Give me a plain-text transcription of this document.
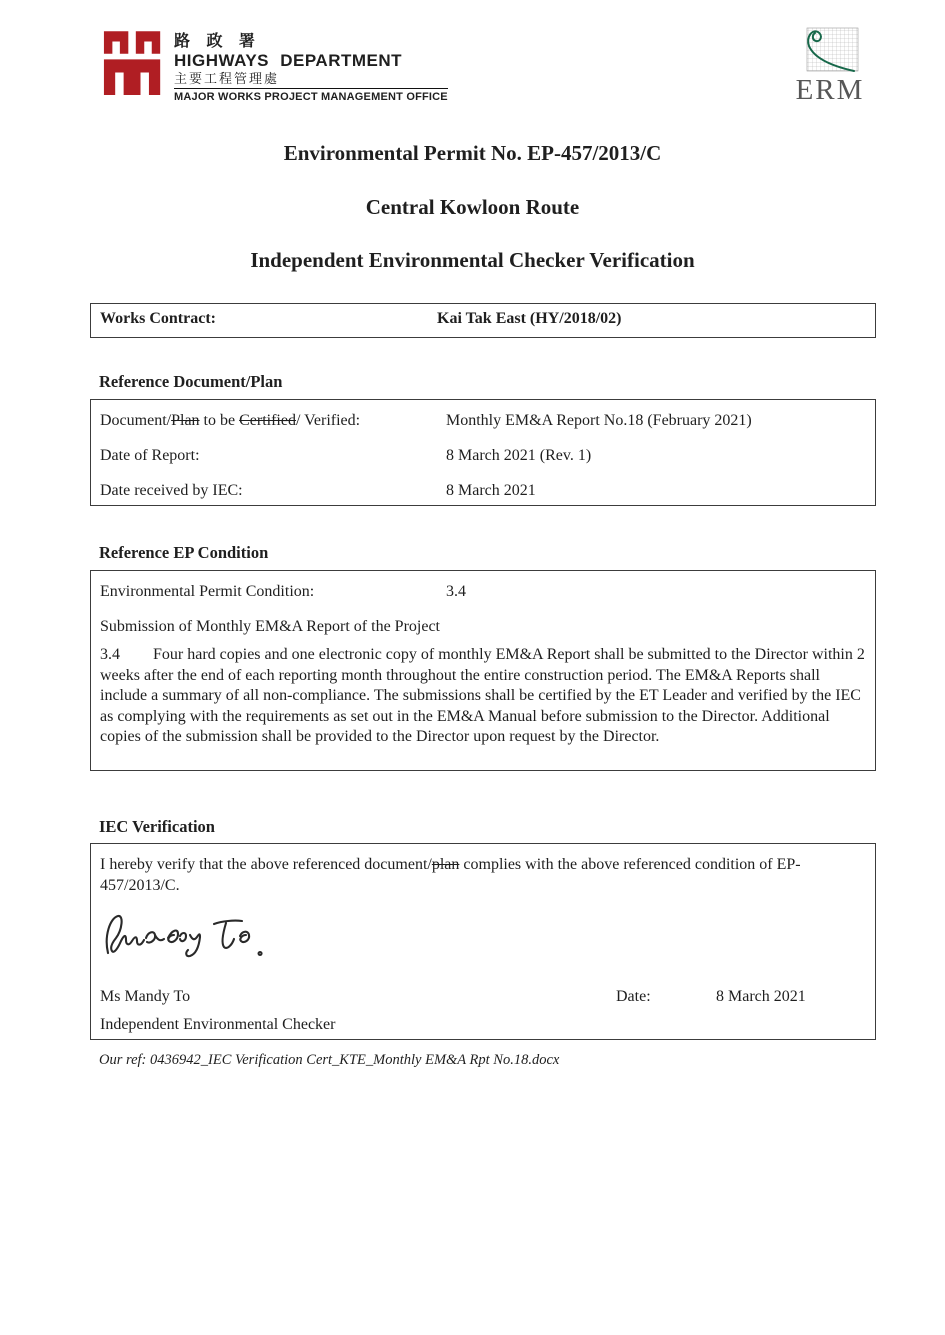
路 政 署
HIGHWAYS DEPARTMENT
主要工程管理處
MAJOR WORKS PROJECT MANAGEMENT OFFICE	ERM
Environmental Permit No. EP-457/2013/C
Central Kowloon Route
Independent Environmental Checker Verification
Works Contract:	Kai Tak East (HY/2018/02)
Reference Document/Plan
Document/Plan to be Certified/ Verified:	Monthly EM&A Report No.18 (February 2021)
Date of Report:	8 March 2021 (Rev. 1)
Date received by IEC:	8 March 2021
Reference EP Condition
Environmental Permit Condition:	3.4
Submission of Monthly EM&A Report of the Project

3.4 Four hard copies and one electronic copy of monthly EM&A Report shall be submitted to the Director within 2 weeks after the end of each reporting month throughout the entire construction period. The EM&A Reports shall include a summary of all non-compliance. The submissions shall be certified by the ET Leader and verified by the IEC as complying with the requirements as set out in the EM&A Manual before submission to the Director. Additional copies of the submission shall be provided to the Director upon request by the Director.

IEC Verification

I hereby verify that the above referenced document/plan complies with the above referenced condition of EP-457/2013/C.

Ms Mandy To	Date:	8 March 2021
Independent Environmental Checker
Our ref: 0436942_IEC Verification Cert_KTE_Monthly EM&A Rpt No.18.docx
